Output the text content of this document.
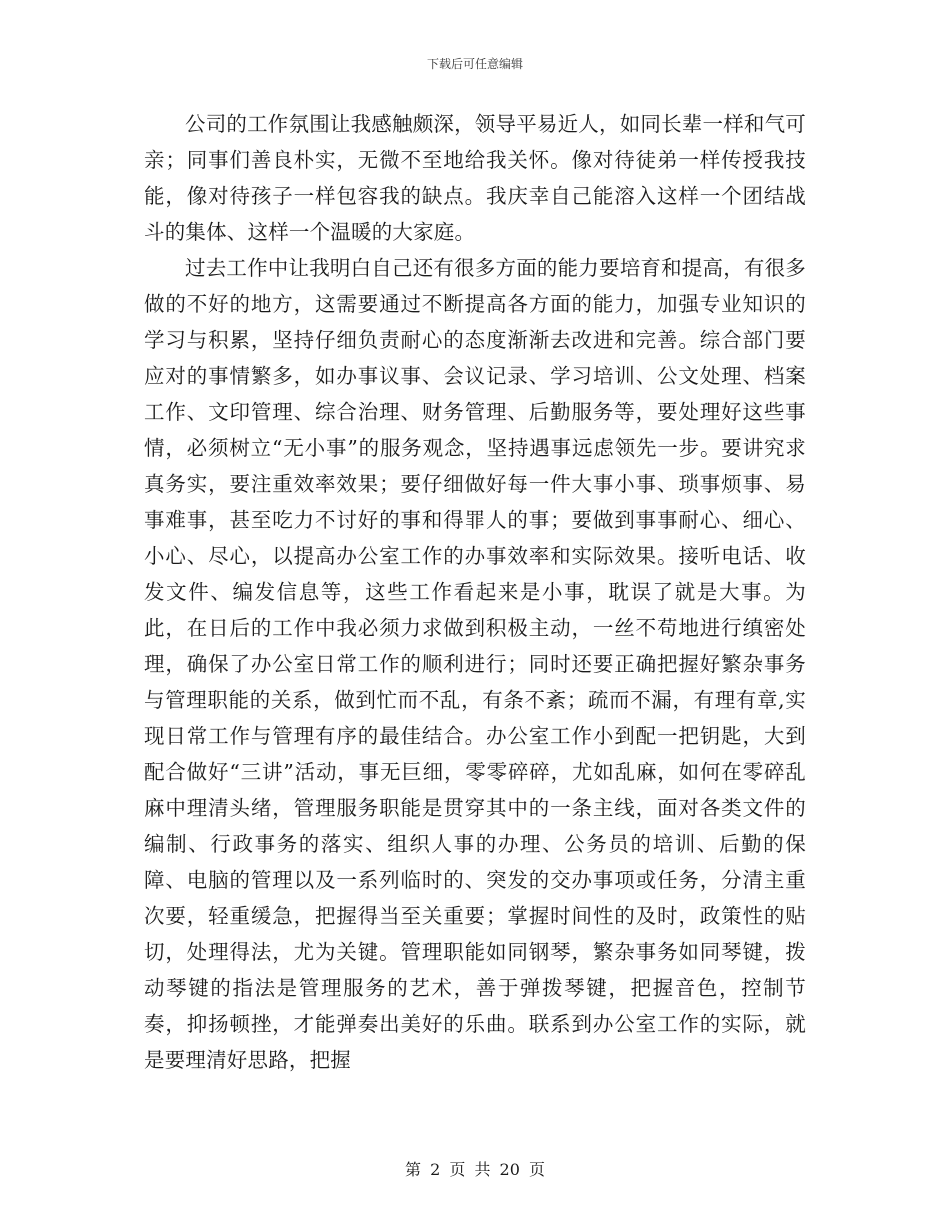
下载后可任意编辑

公司的工作氛围让我感触颇深，领导平易近人，如同长辈一样和气可亲；同事们善良朴实，无微不至地给我关怀。像对待徒弟一样传授我技能，像对待孩子一样包容我的缺点。我庆幸自己能溶入这样一个团结战斗的集体、这样一个温暖的大家庭。

过去工作中让我明白自己还有很多方面的能力要培育和提高，有很多做的不好的地方，这需要通过不断提高各方面的能力，加强专业知识的学习与积累，坚持仔细负责耐心的态度渐渐去改进和完善。综合部门要应对的事情繁多，如办事议事、会议记录、学习培训、公文处理、档案工作、文印管理、综合治理、财务管理、后勤服务等，要处理好这些事情，必须树立“无小事”的服务观念，坚持遇事远虑领先一步。要讲究求真务实，要注重效率效果；要仔细做好每一件大事小事、琐事烦事、易事难事，甚至吃力不讨好的事和得罪人的事；要做到事事耐心、细心、小心、尽心，以提高办公室工作的办事效率和实际效果。接听电话、收发文件、编发信息等，这些工作看起来是小事，耽误了就是大事。为此，在日后的工作中我必须力求做到积极主动，一丝不苟地进行缜密处理，确保了办公室日常工作的顺利进行；同时还要正确把握好繁杂事务与管理职能的关系，做到忙而不乱，有条不紊；疏而不漏，有理有章,实现日常工作与管理有序的最佳结合。办公室工作小到配一把钥匙，大到配合做好“三讲”活动，事无巨细，零零碎碎，尤如乱麻，如何在零碎乱麻中理清头绪，管理服务职能是贯穿其中的一条主线，面对各类文件的编制、行政事务的落实、组织人事的办理、公务员的培训、后勤的保障、电脑的管理以及一系列临时的、突发的交办事项或任务，分清主重次要，轻重缓急，把握得当至关重要；掌握时间性的及时，政策性的贴切，处理得法，尤为关键。管理职能如同钢琴，繁杂事务如同琴键，拨动琴键的指法是管理服务的艺术，善于弹拨琴键，把握音色，控制节奏，抑扬顿挫，才能弹奏出美好的乐曲。联系到办公室工作的实际，就是要理清好思路，把握

第 2 页 共 20 页
